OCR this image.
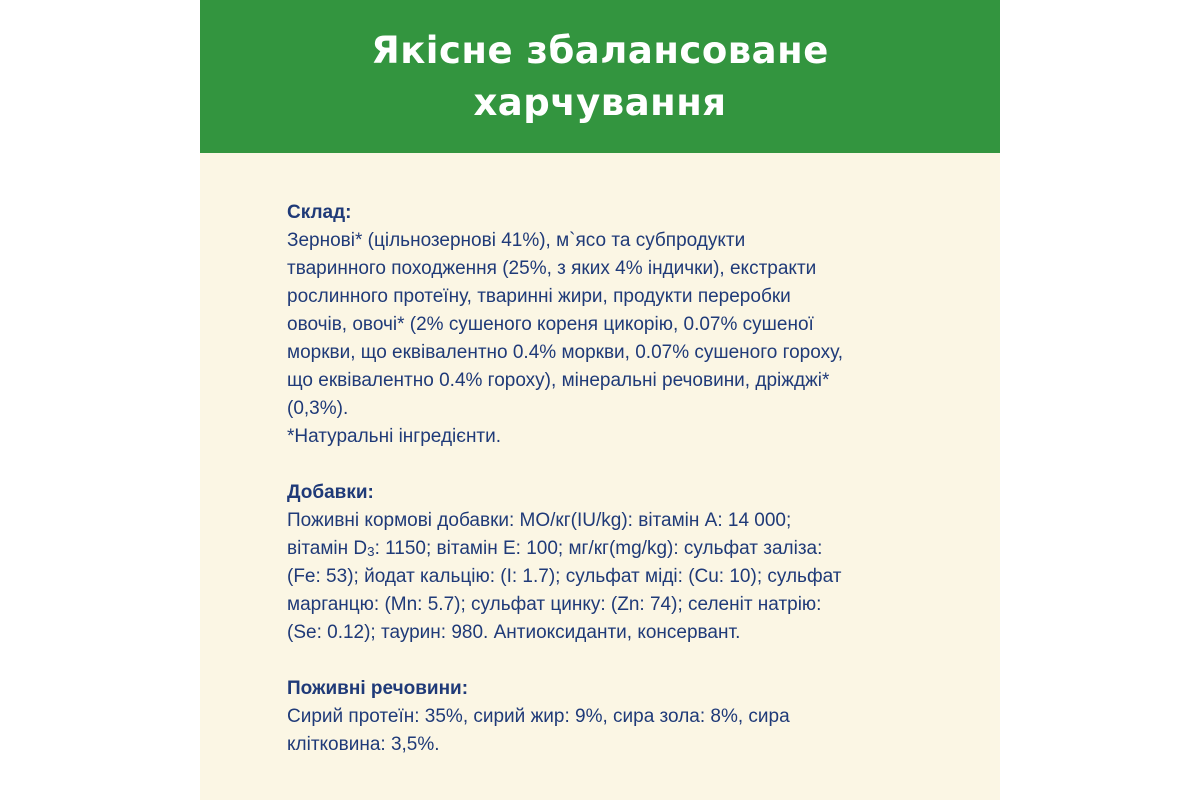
Якісне збалансоване
харчування
Склад:
Зернові* (цільнозернові 41%), м`ясо та субпродукти
тваринного походження (25%, з яких 4% індички), екстракти
рослинного протеїну, тваринні жири, продукти переробки
овочів, овочі* (2% сушеного кореня цикорію, 0.07% сушеної
моркви, що еквівалентно 0.4% моркви, 0.07% сушеного гороху,
що еквівалентно 0.4% гороху), мінеральні речовини, дріжджі*
(0,3%).
*Натуральні інгредієнти.
Добавки:
Поживні кормові добавки: МО/кг(IU/kg): вітамін А: 14 000;
вітамін $D_3$: 1150; вітамін Е: 100; мг/кг(mg/kg): сульфат заліза:
(Fe: 53); йодат кальцію: (I: 1.7); сульфат міді: (Cu: 10); сульфат
марганцю: (Mn: 5.7); сульфат цинку: (Zn: 74); селеніт натрію:
(Se: 0.12); таурин: 980. Антиоксиданти, консервант.
Поживні речовини:
Сирий протеїн: 35%, сирий жир: 9%, сира зола: 8%, сира
клітковина: 3,5%.
